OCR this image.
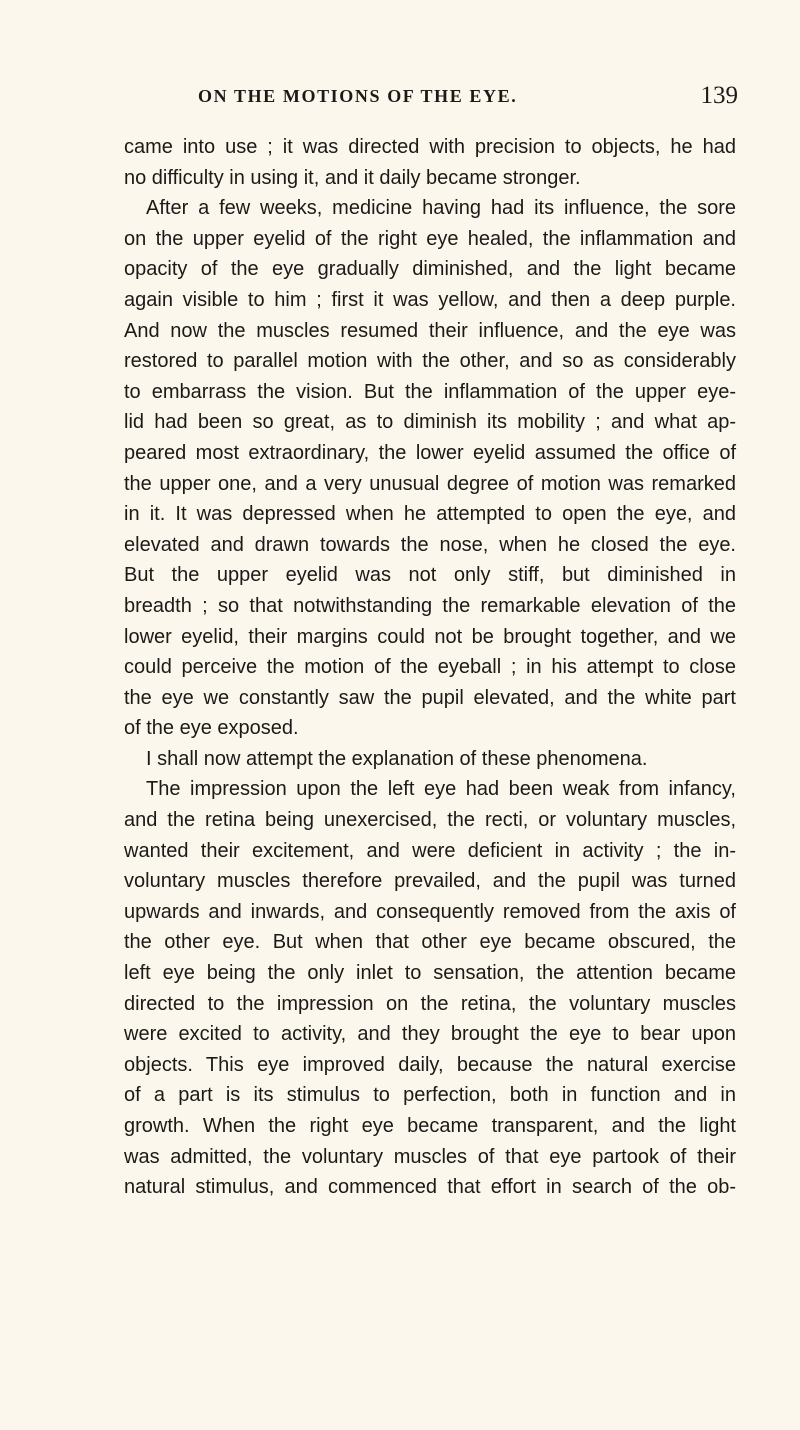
ON THE MOTIONS OF THE EYE.	139
came into use ; it was directed with precision to objects, he had
no difficulty in using it, and it daily became stronger.
After a few weeks, medicine having had its influence, the sore
on the upper eyelid of the right eye healed, the inflammation and
opacity of the eye gradually diminished, and the light became
again visible to him ; first it was yellow, and then a deep purple.
And now the muscles resumed their influence, and the eye was
restored to parallel motion with the other, and so as considerably
to embarrass the vision. But the inflammation of the upper eye-
lid had been so great, as to diminish its mobility ; and what ap-
peared most extraordinary, the lower eyelid assumed the office of
the upper one, and a very unusual degree of motion was remarked
in it. It was depressed when he attempted to open the eye, and
elevated and drawn towards the nose, when he closed the eye.
But the upper eyelid was not only stiff, but diminished in
breadth ; so that notwithstanding the remarkable elevation of the
lower eyelid, their margins could not be brought together, and we
could perceive the motion of the eyeball ; in his attempt to close
the eye we constantly saw the pupil elevated, and the white part
of the eye exposed.
I shall now attempt the explanation of these phenomena.
The impression upon the left eye had been weak from infancy,
and the retina being unexercised, the recti, or voluntary muscles,
wanted their excitement, and were deficient in activity ; the in-
voluntary muscles therefore prevailed, and the pupil was turned
upwards and inwards, and consequently removed from the axis of
the other eye. But when that other eye became obscured, the
left eye being the only inlet to sensation, the attention became
directed to the impression on the retina, the voluntary muscles
were excited to activity, and they brought the eye to bear upon
objects. This eye improved daily, because the natural exercise
of a part is its stimulus to perfection, both in function and in
growth. When the right eye became transparent, and the light
was admitted, the voluntary muscles of that eye partook of their
natural stimulus, and commenced that effort in search of the ob-
